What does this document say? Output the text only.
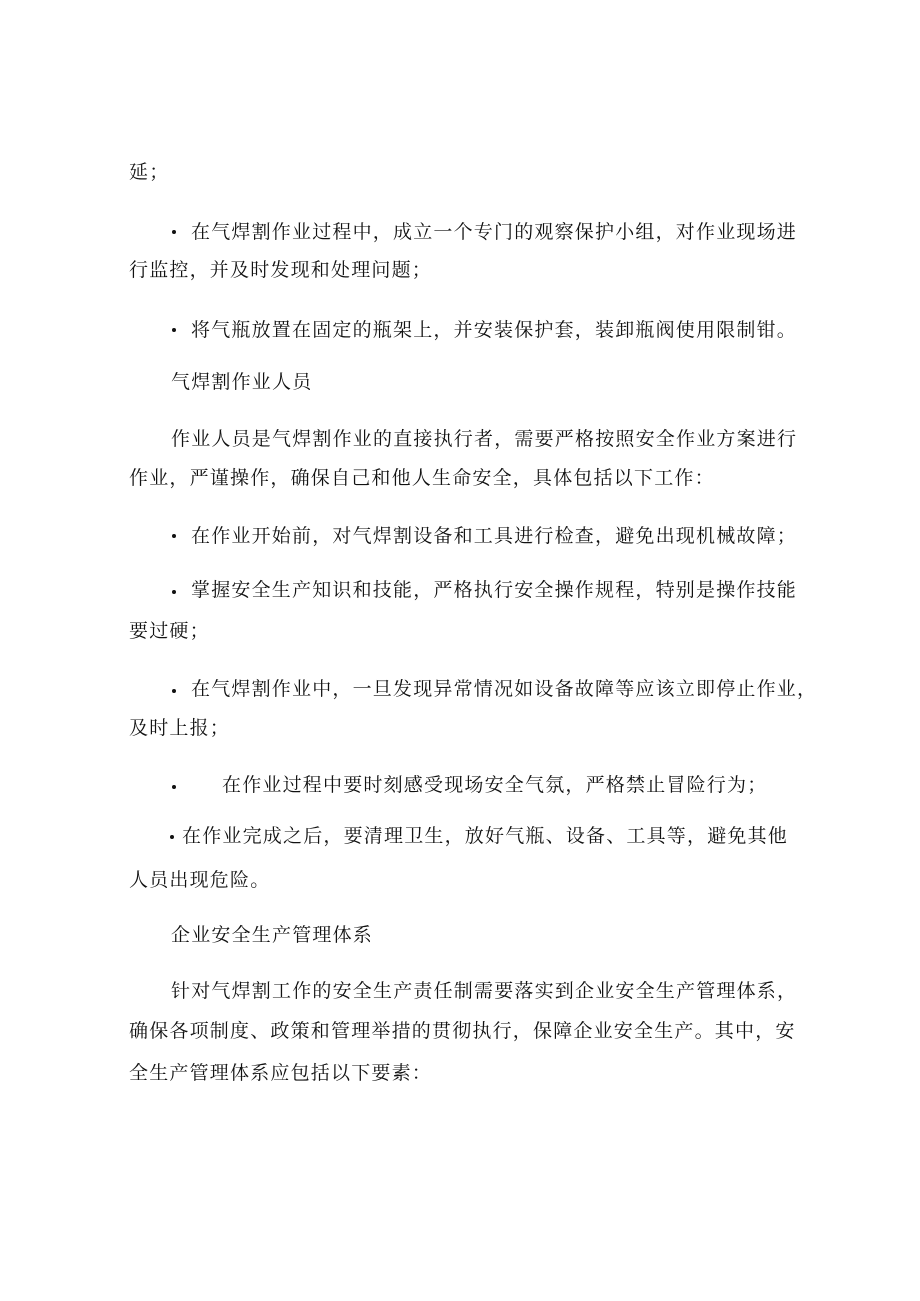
延；

在气焊割作业过程中，成立一个专门的观察保护小组，对作业现场进

行监控，并及时发现和处理问题；

将气瓶放置在固定的瓶架上，并安装保护套，装卸瓶阀使用限制钳。

气焊割作业人员

作业人员是气焊割作业的直接执行者，需要严格按照安全作业方案进行

作业，严谨操作，确保自己和他人生命安全，具体包括以下工作：

在作业开始前，对气焊割设备和工具进行检查，避免出现机械故障；

掌握安全生产知识和技能，严格执行安全操作规程，特别是操作技能

要过硬；

在气焊割作业中，一旦发现异常情况如设备故障等应该立即停止作业，

及时上报；

在作业过程中要时刻感受现场安全气氛，严格禁止冒险行为；

在作业完成之后，要清理卫生，放好气瓶、设备、工具等，避免其他

人员出现危险。

企业安全生产管理体系

针对气焊割工作的安全生产责任制需要落实到企业安全生产管理体系，

确保各项制度、政策和管理举措的贯彻执行，保障企业安全生产。其中，安

全生产管理体系应包括以下要素：
